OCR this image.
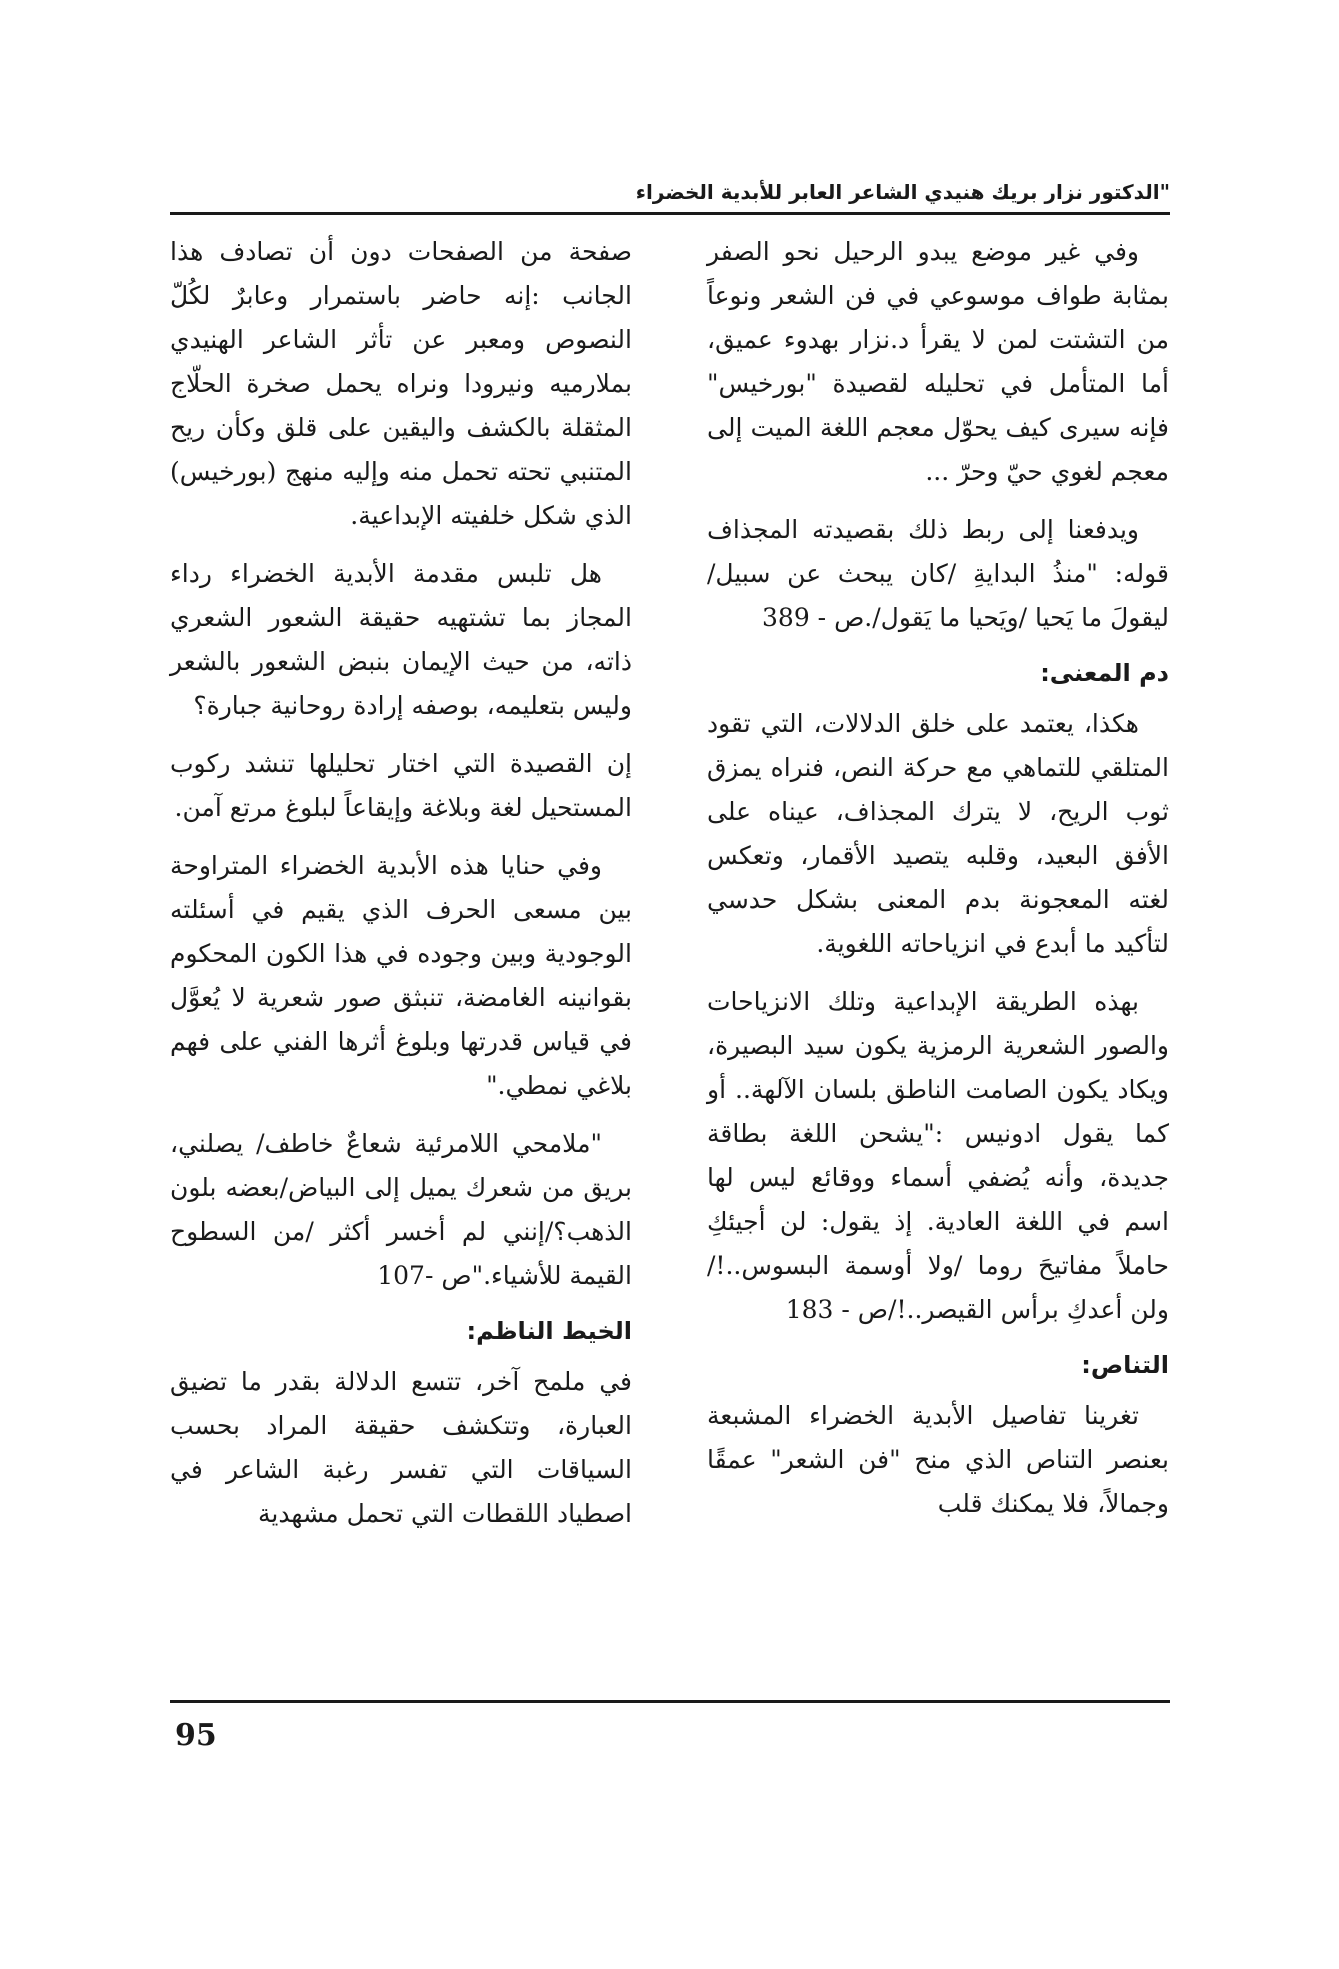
"الدكتور نزار بريك هنيدي الشاعر العابر للأبدية الخضراء

وفي غير موضع يبدو الرحيل نحو الصفر بمثابة طواف موسوعي في فن الشعر ونوعاً من التشتت لمن لا يقرأ د.نزار بهدوء عميق، أما المتأمل في تحليله لقصيدة "بورخيس" فإنه سيرى كيف يحوّل معجم اللغة الميت إلى معجم لغوي حيّ وحرّ ...

ويدفعنا إلى ربط ذلك بقصيدته المجذاف قوله: "منذُ البدايةِ /كان يبحث عن سبيل/ ليقولَ ما يَحيا /ويَحيا ما يَقول/.ص - 389

دم المعنى:

هكذا، يعتمد على خلق الدلالات، التي تقود المتلقي للتماهي مع حركة النص، فنراه يمزق ثوب الريح، لا يترك المجذاف، عيناه على الأفق البعيد، وقلبه يتصيد الأقمار، وتعكس لغته المعجونة بدم المعنى بشكل حدسي لتأكيد ما أبدع في انزياحاته اللغوية.

بهذه الطريقة الإبداعية وتلك الانزياحات والصور الشعرية الرمزية يكون سيد البصيرة، ويكاد يكون الصامت الناطق بلسان الآلهة.. أو كما يقول ادونيس :"يشحن اللغة بطاقة جديدة، وأنه يُضفي أسماء ووقائع ليس لها اسم في اللغة العادية. إذ يقول: لن أجيئكِ حاملاً مفاتيحَ روما /ولا أوسمة البسوس..!/ ولن أعدكِ برأس القيصر..!/ص - 183

التناص:

تغرينا تفاصيل الأبدية الخضراء المشبعة بعنصر التناص الذي منح "فن الشعر" عمقًا وجمالاً، فلا يمكنك قلب

صفحة من الصفحات دون أن تصادف هذا الجانب :إنه حاضر باستمرار وعابرٌ لكُلّ النصوص ومعبر عن تأثر الشاعر الهنيدي بملارميه ونيرودا ونراه يحمل صخرة الحلّاج المثقلة بالكشف واليقين على قلق وكأن ريح المتنبي تحته تحمل منه وإليه منهج (بورخيس) الذي شكل خلفيته الإبداعية.

هل تلبس مقدمة الأبدية الخضراء رداء المجاز بما تشتهيه حقيقة الشعور الشعري ذاته، من حيث الإيمان بنبض الشعور بالشعر وليس بتعليمه، بوصفه إرادة روحانية جبارة؟

إن القصيدة التي اختار تحليلها تنشد ركوب المستحيل لغة وبلاغة وإيقاعاً لبلوغ مرتع آمن.

وفي حنايا هذه الأبدية الخضراء المتراوحة بين مسعى الحرف الذي يقيم في أسئلته الوجودية وبين وجوده في هذا الكون المحكوم بقوانينه الغامضة، تنبثق صور شعرية لا يُعوَّل في قياس قدرتها وبلوغ أثرها الفني على فهم بلاغي نمطي."

"ملامحي اللامرئية شعاعٌ خاطف/ يصلني، بريق من شعرك يميل إلى البياض/بعضه بلون الذهب؟/إنني لم أخسر أكثر /من السطوح القيمة للأشياء."ص -107

الخيط الناظم:

في ملمح آخر، تتسع الدلالة بقدر ما تضيق العبارة، وتتكشف حقيقة المراد بحسب السياقات التي تفسر رغبة الشاعر في اصطياد اللقطات التي تحمل مشهدية

95
